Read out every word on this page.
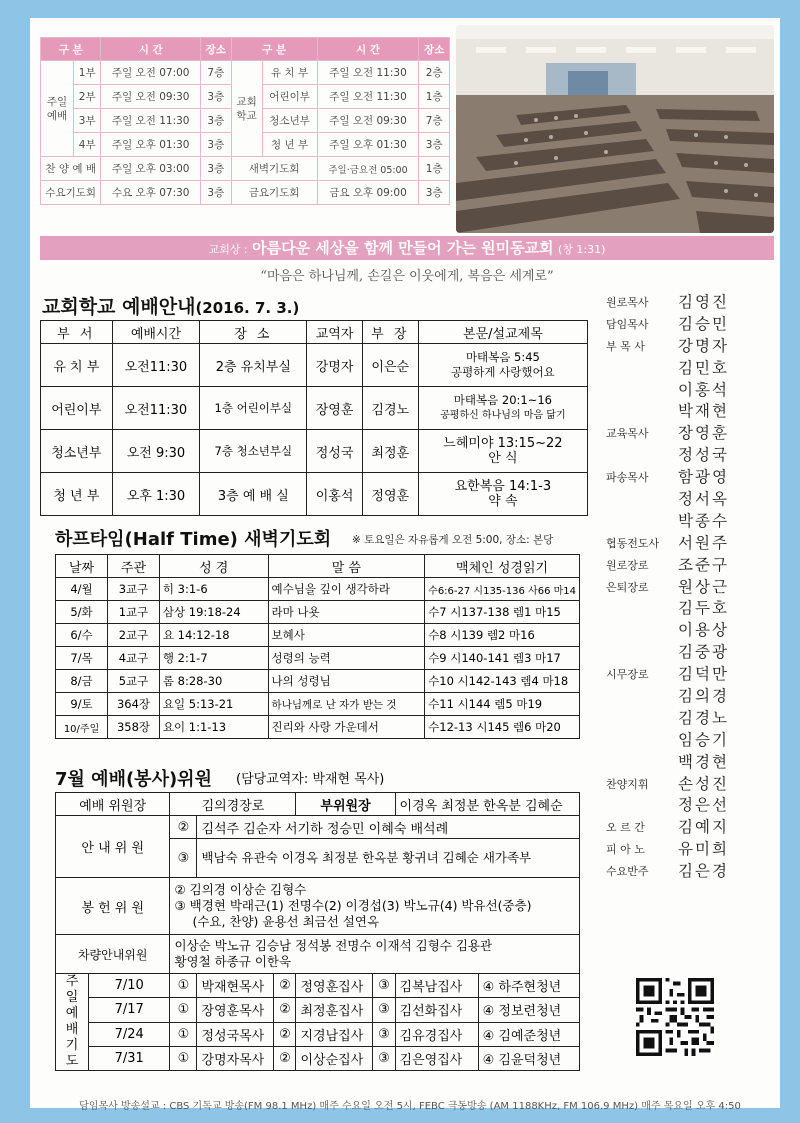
구 분		시 간	장소	구 분		시 간	장소
주일예배	1부	주일 오전 07:00	7층	교회학교	유 치 부	주일 오전 11:30	2층
	2부	주일 오전 09:30	3층		어린이부	주일 오전 11:30	1층
	3부	주일 오전 11:30	3층		청소년부	주일 오전 09:30	7층
	4부	주일 오후 01:30	3층		청 년 부	주일 오후 01:30	3층
찬 양 예 배		주일 오후 03:00	3층	새벽기도회		주일·금요전 05:00	1층
수요기도회		수요 오후 07:30	3층	금요기도회		금요 오후 09:00	3층
교회상 : 아름다운 세상을 함께 만들어 가는 원미동교회 (창 1:31)
“마음은 하나님께, 손길은 이웃에게, 복음은 세계로”
교회학교 예배안내(2016. 7. 3.)
부 서	예배시간	장 소	교역자	부 장	본문/설교제목
유 치 부	오전11:30	2층 유치부실	강명자	이은순	마태복음 5:45
공평하게 사랑했어요

어린이부	오전11:30	1층 어린이부실	장영훈	김경노	마태복음 20:1~16
공평하신 하나님의 마음 닮기

청소년부	오전 9:30	7층 청소년부실	정성국	최정훈	느헤미야 13:15~22
안 식

청 년 부	오후 1:30	3층 예 배 실	이홍석	정영훈	요한복음 14:1-3
약 속
하프타임(Half Time) 새벽기도회 ※ 토요일은 자유롭게 오전 5:00, 장소: 본당
날짜	주관	성 경	말 씀	맥체인 성경읽기
4/월	3교구	히 3:1-6	예수님을 깊이 생각하라	수6:6-27 시135-136 사66 마14
5/화	1교구	삼상 19:18-24	라마 나욧	수7 시137-138 렘1 마15
6/수	2교구	요 14:12-18	보혜사	수8 시139 렘2 마16
7/목	4교구	행 2:1-7	성령의 능력	수9 시140-141 렘3 마17
8/금	5교구	롬 8:28-30	나의 성령님	수10 시142-143 렘4 마18
9/토	364장	요일 5:13-21	하나님께로 난 자가 받는 것	수11 시144 렘5 마19
10/주일	358장	요이 1:1-13	진리와 사랑 가운데서	수12-13 시145 렘6 마20
7월 예배(봉사)위원 (담당교역자: 박재현 목사)
예배 위원장		김의경장로			부위원장		이경옥 최정분 한옥분 김혜순	
안 내 위 원		②	김석주 김순자 서기하 정승민 이혜숙 배석례					
		③	백남숙 유관숙 이경옥 최정분 한옥분 황귀녀 김혜순 새가족부					
봉 헌 위 원		② 김의경 이상순 김형수
③ 백경현 박래근(1) 전명수(2) 이경섭(3) 박노규(4) 박유선(중층)
(수요, 찬양) 윤용선 최금선 설연옥						

차량안내위원		이상순 박노규 김승남 정석봉 전명수 이재석 김형수 김용관
황영철 하종규 이한욱						

주일예배기도	7/10	①	박재현목사	②	정영훈집사	③	김복남집사	④ 하주현청년
	7/17	①	장영훈목사	②	최정훈집사	③	김선화집사	④ 정보련청년
	7/24	①	정성국목사	②	지경남집사	③	김유경집사	④ 김예준청년
	7/31	①	강명자목사	②	이상순집사	③	김은영집사	④ 김윤덕청년
원로목사	김영진
담임목사	김승민
부 목 사	강명자
김민호
이홍석
박재현
교육목사	장영훈
정성국
파송목사	함광영
정서옥
박종수
협동전도사	서원주
원로장로	조준구
은퇴장로	원상근
김두호
이용상
김중광
시무장로	김덕만
김의경
김경노
임승기
백경현
찬양지휘	손성진
정은선
오 르 간	김예지
피 아 노	유미희
수요반주	김은경
담임목사 방송설교 : CBS 기독교 방송(FM 98.1 MHz) 매주 수요일 오전 5시, FEBC 극동방송 (AM 1188KHz, FM 106.9 MHz) 매주 목요일 오후 4:50
